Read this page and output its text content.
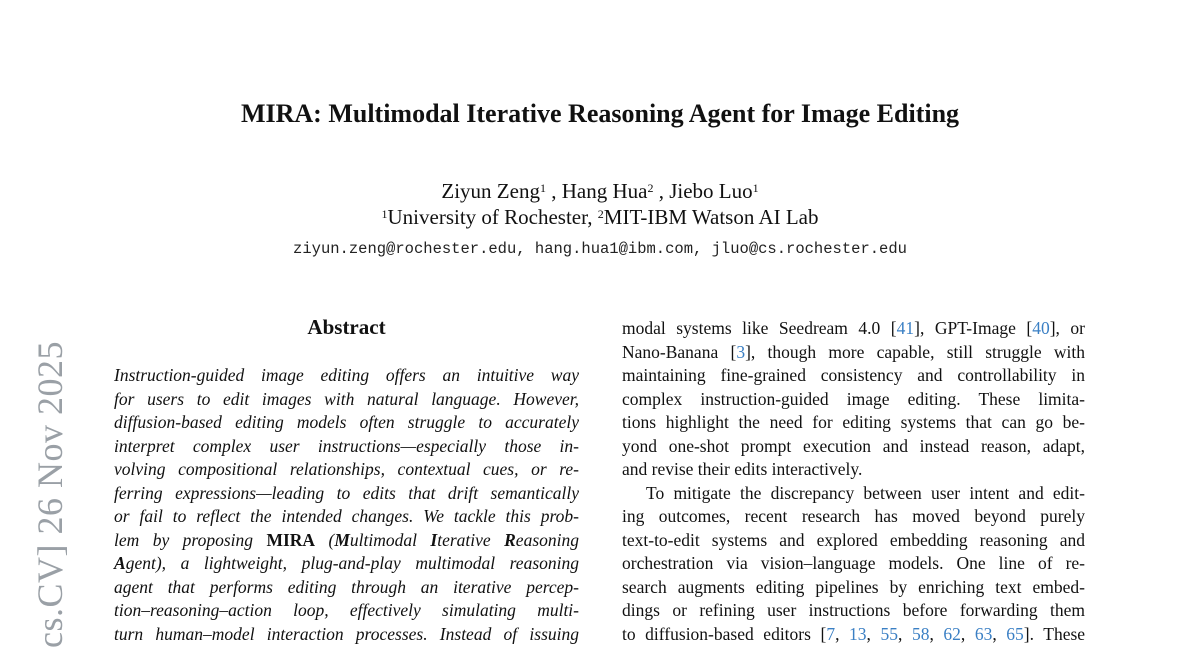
cs.CV] 26 Nov 2025
MIRA: Multimodal Iterative Reasoning Agent for Image Editing
Ziyun Zeng$^1$ , Hang Hua$^2$ , Jiebo Luo$^1$
$^1$University of Rochester, $^2$MIT-IBM Watson AI Lab
ziyun.zeng@rochester.edu, hang.hua1@ibm.com, jluo@cs.rochester.edu
Abstract
Instruction-guided image editing offers an intuitive way
for users to edit images with natural language. However,
diffusion-based editing models often struggle to accurately
interpret complex user instructions—especially those in-
volving compositional relationships, contextual cues, or re-
ferring expressions—leading to edits that drift semantically
or fail to reflect the intended changes. We tackle this prob-
lem by proposing MIRA (Multimodal Iterative Reasoning
Agent), a lightweight, plug-and-play multimodal reasoning
agent that performs editing through an iterative percep-
tion–reasoning–action loop, effectively simulating multi-
turn human–model interaction processes. Instead of issuing
modal systems like Seedream 4.0 [41], GPT-Image [40], or
Nano-Banana [3], though more capable, still struggle with
maintaining fine-grained consistency and controllability in
complex instruction-guided image editing. These limita-
tions highlight the need for editing systems that can go be-
yond one-shot prompt execution and instead reason, adapt,
and revise their edits interactively.
To mitigate the discrepancy between user intent and edit-
ing outcomes, recent research has moved beyond purely
text-to-edit systems and explored embedding reasoning and
orchestration via vision–language models. One line of re-
search augments editing pipelines by enriching text embed-
dings or refining user instructions before forwarding them
to diffusion-based editors [7, 13, 55, 58, 62, 63, 65]. These
